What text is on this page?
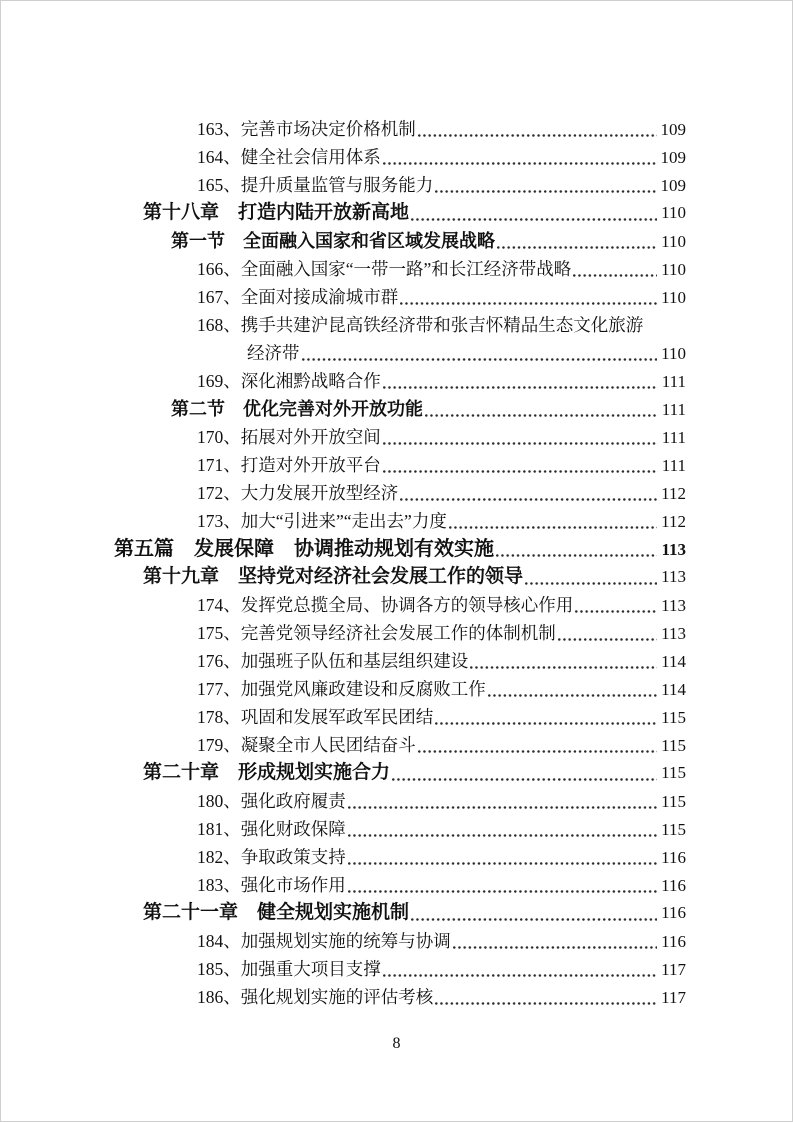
163、完善市场决定价格机制	109
164、健全社会信用体系	109
165、提升质量监管与服务能力	109
第十八章　打造内陆开放新高地	110
第一节　全面融入国家和省区域发展战略	110
166、全面融入国家“一带一路”和长江经济带战略	110
167、全面对接成渝城市群	110
168、携手共建沪昆高铁经济带和张吉怀精品生态文化旅游
经济带	110
169、深化湘黔战略合作	111
第二节　优化完善对外开放功能	111
170、拓展对外开放空间	111
171、打造对外开放平台	111
172、大力发展开放型经济	112
173、加大“引进来”“走出去”力度	112
第五篇　发展保障　协调推动规划有效实施	113
第十九章　坚持党对经济社会发展工作的领导	113
174、发挥党总揽全局、协调各方的领导核心作用	113
175、完善党领导经济社会发展工作的体制机制	113
176、加强班子队伍和基层组织建设	114
177、加强党风廉政建设和反腐败工作	114
178、巩固和发展军政军民团结	115
179、凝聚全市人民团结奋斗	115
第二十章　形成规划实施合力	115
180、强化政府履责	115
181、强化财政保障	115
182、争取政策支持	116
183、强化市场作用	116
第二十一章　健全规划实施机制	116
184、加强规划实施的统筹与协调	116
185、加强重大项目支撑	117
186、强化规划实施的评估考核	117
8
